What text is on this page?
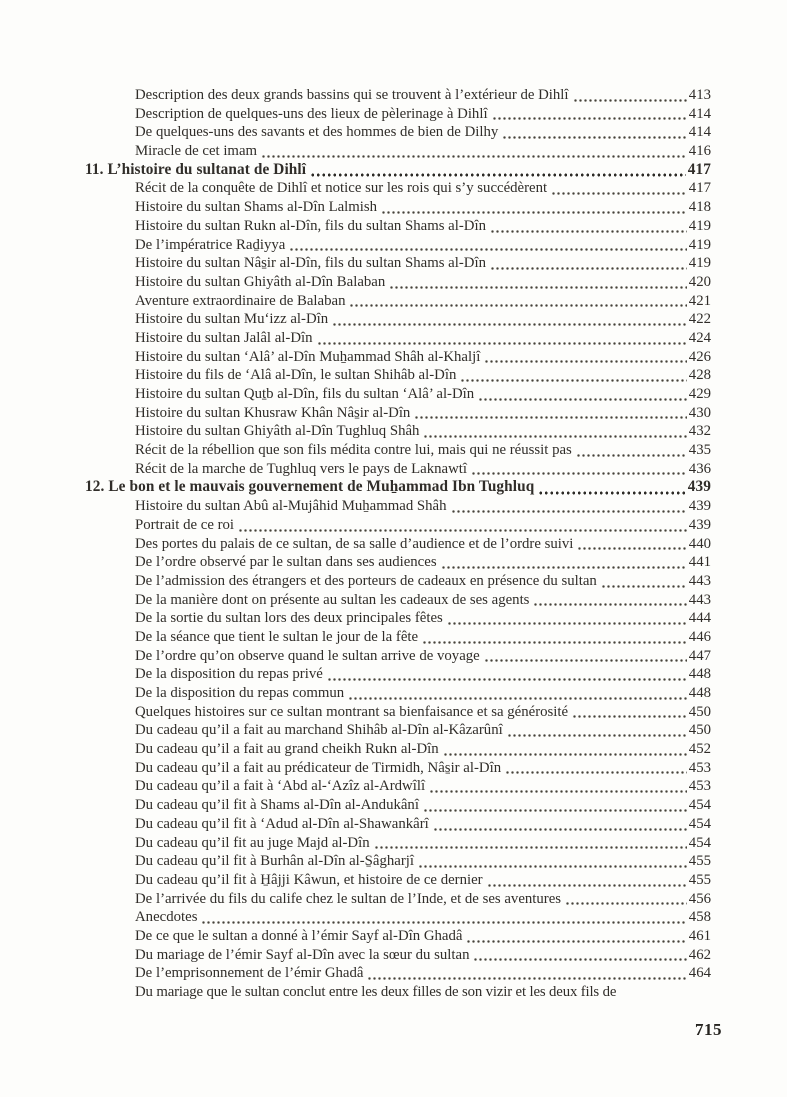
Description des deux grands bassins qui se trouvent à l’extérieur de Dihlî	413
Description de quelques-uns des lieux de pèlerinage à Dihlî	414
De quelques-uns des savants et des hommes de bien de Dilhy	414
Miracle de cet imam	416
11. L’histoire du sultanat de Dihlî	417
Récit de la conquête de Dihlî et notice sur les rois qui s’y succédèrent	417
Histoire du sultan Shams al-Dîn Lalmish	418
Histoire du sultan Rukn al-Dîn, fils du sultan Shams al-Dîn	419
De l’impératrice Raḏiyya	419
Histoire du sultan Nâs̱ir al-Dîn, fils du sultan Shams al-Dîn	419
Histoire du sultan Ghiyâth al-Dîn Balaban	420
Aventure extraordinaire de Balaban	421
Histoire du sultan Mu‘izz al-Dîn	422
Histoire du sultan Jalâl al-Dîn	424
Histoire du sultan ‘Alâ’ al-Dîn Muẖammad Shâh al-Khaljî	426
Histoire du fils de ‘Alâ al-Dîn, le sultan Shihâb al-Dîn	428
Histoire du sultan Quṯb al-Dîn, fils du sultan ‘Alâ’ al-Dîn	429
Histoire du sultan Khusraw Khân Nâs̱ir al-Dîn	430
Histoire du sultan Ghiyâth al-Dîn Tughluq Shâh	432
Récit de la rébellion que son fils médita contre lui, mais qui ne réussit pas	435
Récit de la marche de Tughluq vers le pays de Laknawtî	436
12. Le bon et le mauvais gouvernement de Muẖammad Ibn Tughluq	439
Histoire du sultan Abû al-Mujâhid Muẖammad Shâh	439
Portrait de ce roi	439
Des portes du palais de ce sultan, de sa salle d’audience et de l’ordre suivi	440
De l’ordre observé par le sultan dans ses audiences	441
De l’admission des étrangers et des porteurs de cadeaux en présence du sultan	443
De la manière dont on présente au sultan les cadeaux de ses agents	443
De la sortie du sultan lors des deux principales fêtes	444
De la séance que tient le sultan le jour de la fête	446
De l’ordre qu’on observe quand le sultan arrive de voyage	447
De la disposition du repas privé	448
De la disposition du repas commun	448
Quelques histoires sur ce sultan montrant sa bienfaisance et sa générosité	450
Du cadeau qu’il a fait au marchand Shihâb al-Dîn al-Kâzarûnî	450
Du cadeau qu’il a fait au grand cheikh Rukn al-Dîn	452
Du cadeau qu’il a fait au prédicateur de Tirmidh, Nâs̱ir al-Dîn	453
Du cadeau qu’il a fait à ‘Abd al-‘Azîz al-Ardwîlî	453
Du cadeau qu’il fit à Shams al-Dîn al-Andukânî	454
Du cadeau qu’il fit à ‘Adud al-Dîn al-Shawankârî	454
Du cadeau qu’il fit au juge Majd al-Dîn	454
Du cadeau qu’il fit à Burhân al-Dîn al-S̱âgharjî	455
Du cadeau qu’il fit à H̱âjji Kâwun, et histoire de ce dernier	455
De l’arrivée du fils du calife chez le sultan de l’Inde, et de ses aventures	456
Anecdotes	458
De ce que le sultan a donné à l’émir Sayf al-Dîn Ghadâ	461
Du mariage de l’émir Sayf al-Dîn avec la sœur du sultan	462
De l’emprisonnement de l’émir Ghadâ	464
Du mariage que le sultan conclut entre les deux filles de son vizir et les deux fils de
715
